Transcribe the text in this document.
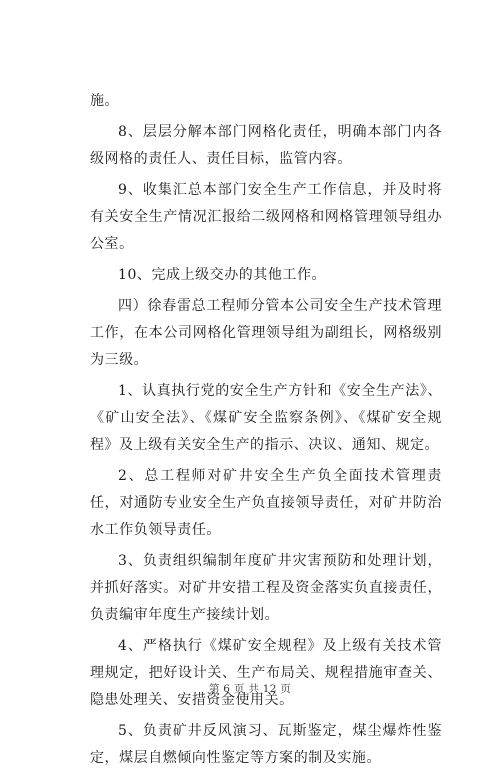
施。

8、层层分解本部门网格化责任，明确本部门内各级网格的责任人、责任目标，监管内容。

9、收集汇总本部门安全生产工作信息，并及时将有关安全生产情况汇报给二级网格和网格管理领导组办公室。

10、完成上级交办的其他工作。

四）徐春雷总工程师分管本公司安全生产技术管理工作，在本公司网格化管理领导组为副组长，网格级别为三级。

1、认真执行党的安全生产方针和《安全生产法》、《矿山安全法》、《煤矿安全监察条例》、《煤矿安全规程》及上级有关安全生产的指示、决议、通知、规定。

2、总工程师对矿井安全生产负全面技术管理责任，对通防专业安全生产负直接领导责任，对矿井防治水工作负领导责任。

3、负责组织编制年度矿井灾害预防和处理计划，并抓好落实。对矿井安措工程及资金落实负直接责任，负责编审年度生产接续计划。

4、严格执行《煤矿安全规程》及上级有关技术管理规定，把好设计关、生产布局关、规程措施审查关、隐患处理关、安措资金使用关。

5、负责矿井反风演习、瓦斯鉴定，煤尘爆炸性鉴定，煤层自燃倾向性鉴定等方案的制及实施。

第 6 页 共 12 页
